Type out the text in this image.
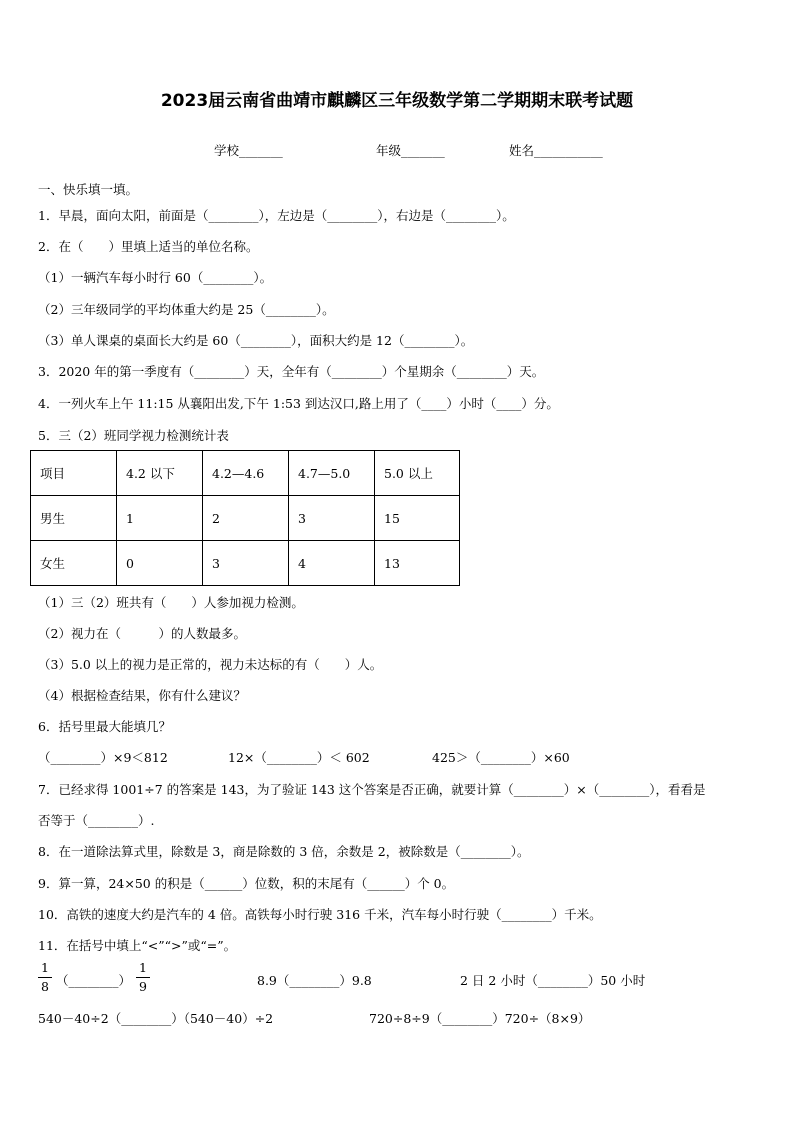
2023届云南省曲靖市麒麟区三年级数学第二学期期末联考试题
学校_______	年级_______	姓名___________
一、快乐填一填。
1．早晨，面向太阳，前面是（________），左边是（________），右边是（________）。
2．在（　　）里填上适当的单位名称。
（1）一辆汽车每小时行 60（________）。
（2）三年级同学的平均体重大约是 25（________）。
（3）单人课桌的桌面长大约是 60（________），面积大约是 12（________）。
3．2020 年的第一季度有（________）天，全年有（________）个星期余（________）天。
4．一列火车上午 11:15 从襄阳出发,下午 1:53 到达汉口,路上用了（____）小时（____）分。
5．三（2）班同学视力检测统计表
项目	4.2 以下	4.2—4.6	4.7—5.0	5.0 以上
男生	1	2	3	15
女生	0	3	4	13
（1）三（2）班共有（　　）人参加视力检测。
（2）视力在（　　　）的人数最多。
（3）5.0 以上的视力是正常的，视力未达标的有（　　）人。
（4）根据检查结果，你有什么建议？
6．括号里最大能填几？
（________）×9＜812	12×（________）＜ 602	425＞（________）×60
7．已经求得 1001÷7 的答案是 143，为了验证 143 这个答案是否正确，就要计算（________）×（________），看看是
否等于（________）.
8．在一道除法算式里，除数是 3，商是除数的 3 倍，余数是 2，被除数是（________）。
9．算一算，24×50 的积是（______）位数，积的末尾有（______）个 0。
10．高铁的速度大约是汽车的 4 倍。高铁每小时行驶 316 千米，汽车每小时行驶（________）千米。
11．在括号中填上“<”“>”或“=”。
1
8 （________）
1
9	8.9（________）9.8	2 日 2 小时（________）50 小时
540－40÷2（________）（540－40）÷2	720÷8÷9（________）720÷（8×9）
